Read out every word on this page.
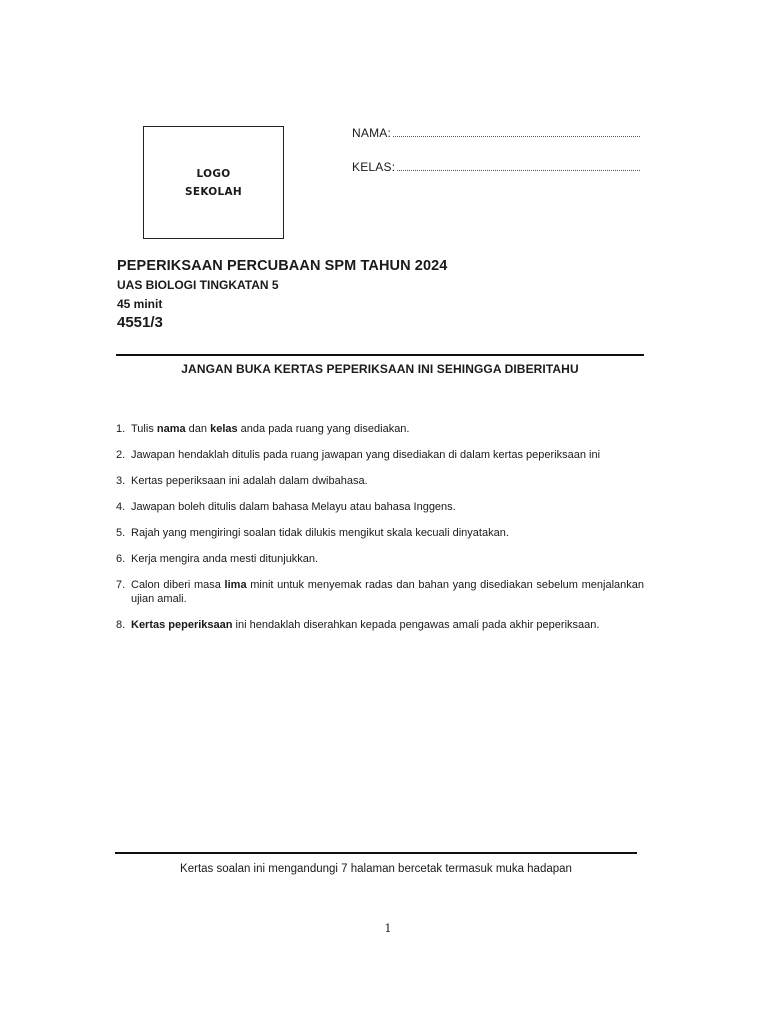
LOGO
SEKOLAH
NAMA:
KELAS:
PEPERIKSAAN PERCUBAAN SPM TAHUN 2024
UAS BIOLOGI TINGKATAN 5
45 minit
4551/3
JANGAN BUKA KERTAS PEPERIKSAAN INI SEHINGGA DIBERITAHU
1. Tulis nama dan kelas anda pada ruang yang disediakan.
2. Jawapan hendaklah ditulis pada ruang jawapan yang disediakan di dalam kertas peperiksaan ini
3. Kertas peperiksaan ini adalah dalam dwibahasa.
4. Jawapan boleh ditulis dalam bahasa Melayu atau bahasa Inggens.
5. Rajah yang mengiringi soalan tidak dilukis mengikut skala kecuali dinyatakan.
6. Kerja mengira anda mesti ditunjukkan.
7. Calon diberi masa lima minit untuk menyemak radas dan bahan yang disediakan sebelum menjalankan ujian amali.
8. Kertas peperiksaan ini hendaklah diserahkan kepada pengawas amali pada akhir peperiksaan.
Kertas soalan ini mengandungi 7 halaman bercetak termasuk muka hadapan
1
